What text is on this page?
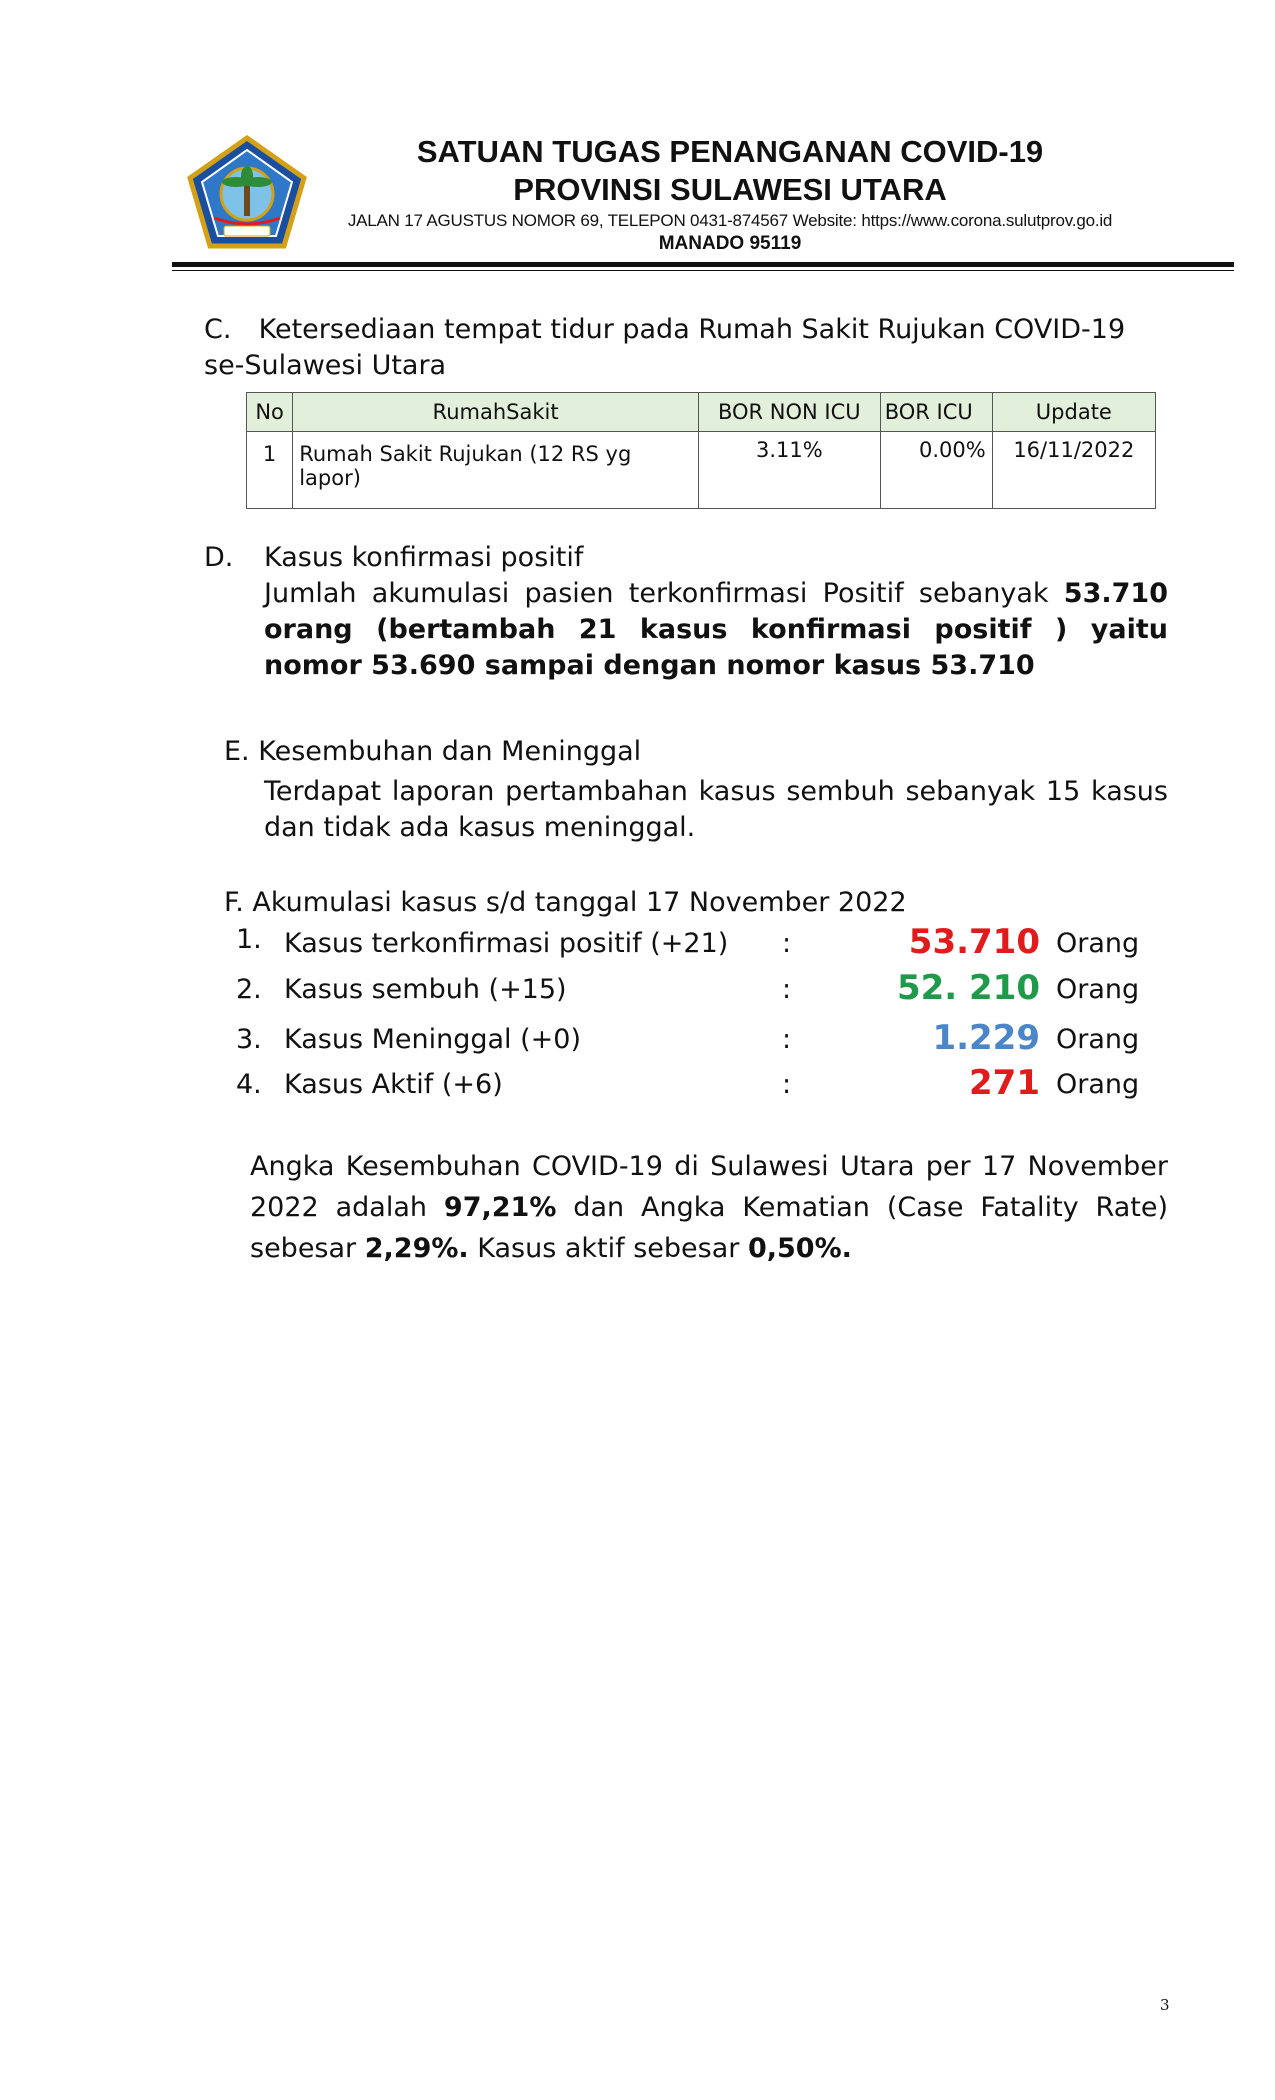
SATUAN TUGAS PENANGANAN COVID-19
PROVINSI SULAWESI UTARA
JALAN 17 AGUSTUS NOMOR 69, TELEPON 0431-874567 Website: https://www.corona.sulutprov.go.id
MANADO 95119
C. Ketersediaan tempat tidur pada Rumah Sakit Rujukan COVID-19 se-Sulawesi Utara
No	RumahSakit	BOR NON ICU	BOR ICU	Update
1	Rumah Sakit Rujukan (12 RS yg lapor)	3.11%	0.00%	16/11/2022
D. Kasus konfirmasi positif
Jumlah akumulasi pasien terkonfirmasi Positif sebanyak 53.710 orang (bertambah 21 kasus konfirmasi positif ) yaitu nomor 53.690 sampai dengan nomor kasus 53.710
E. Kesembuhan dan Meninggal
Terdapat laporan pertambahan kasus sembuh sebanyak 15 kasus dan tidak ada kasus meninggal.
F. Akumulasi kasus s/d tanggal 17 November 2022
1. Kasus terkonfirmasi positif (+21) :	53.710 Orang
2. Kasus sembuh (+15)	:	52. 210 Orang
3. Kasus Meninggal (+0)	:	1.229 Orang
4. Kasus Aktif (+6)	:	271 Orang
Angka Kesembuhan COVID-19 di Sulawesi Utara per 17 November 2022 adalah 97,21% dan Angka Kematian (Case Fatality Rate) sebesar 2,29%. Kasus aktif sebesar 0,50%.
3
